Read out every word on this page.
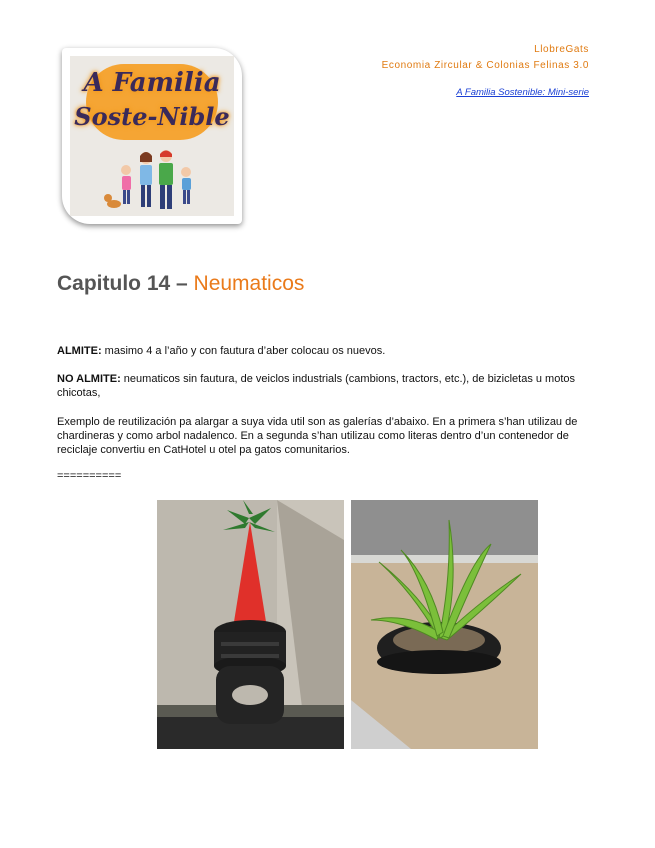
A Familia
Soste-Nible
LlobreGats
Economia Zircular & Colonias Felinas 3.0
A Familia Sostenible: Mini-serie
Capitulo 14 – Neumaticos
ALMITE: masimo 4 a l’año y con fautura d’aber colocau os nuevos.
NO ALMITE: neumaticos sin fautura, de veiclos industrials (cambions, tractors, etc.), de bizicletas u motos chicotas,
Exemplo de reutilización pa alargar a suya vida util son as galerías d’abaixo. En a primera s’han utilizau de chardineras y como arbol nadalenco. En a segunda s’han utilizau como literas dentro d’un contenedor de reciclaje convertiu en CatHotel u otel pa gatos comunitarios.
==========
